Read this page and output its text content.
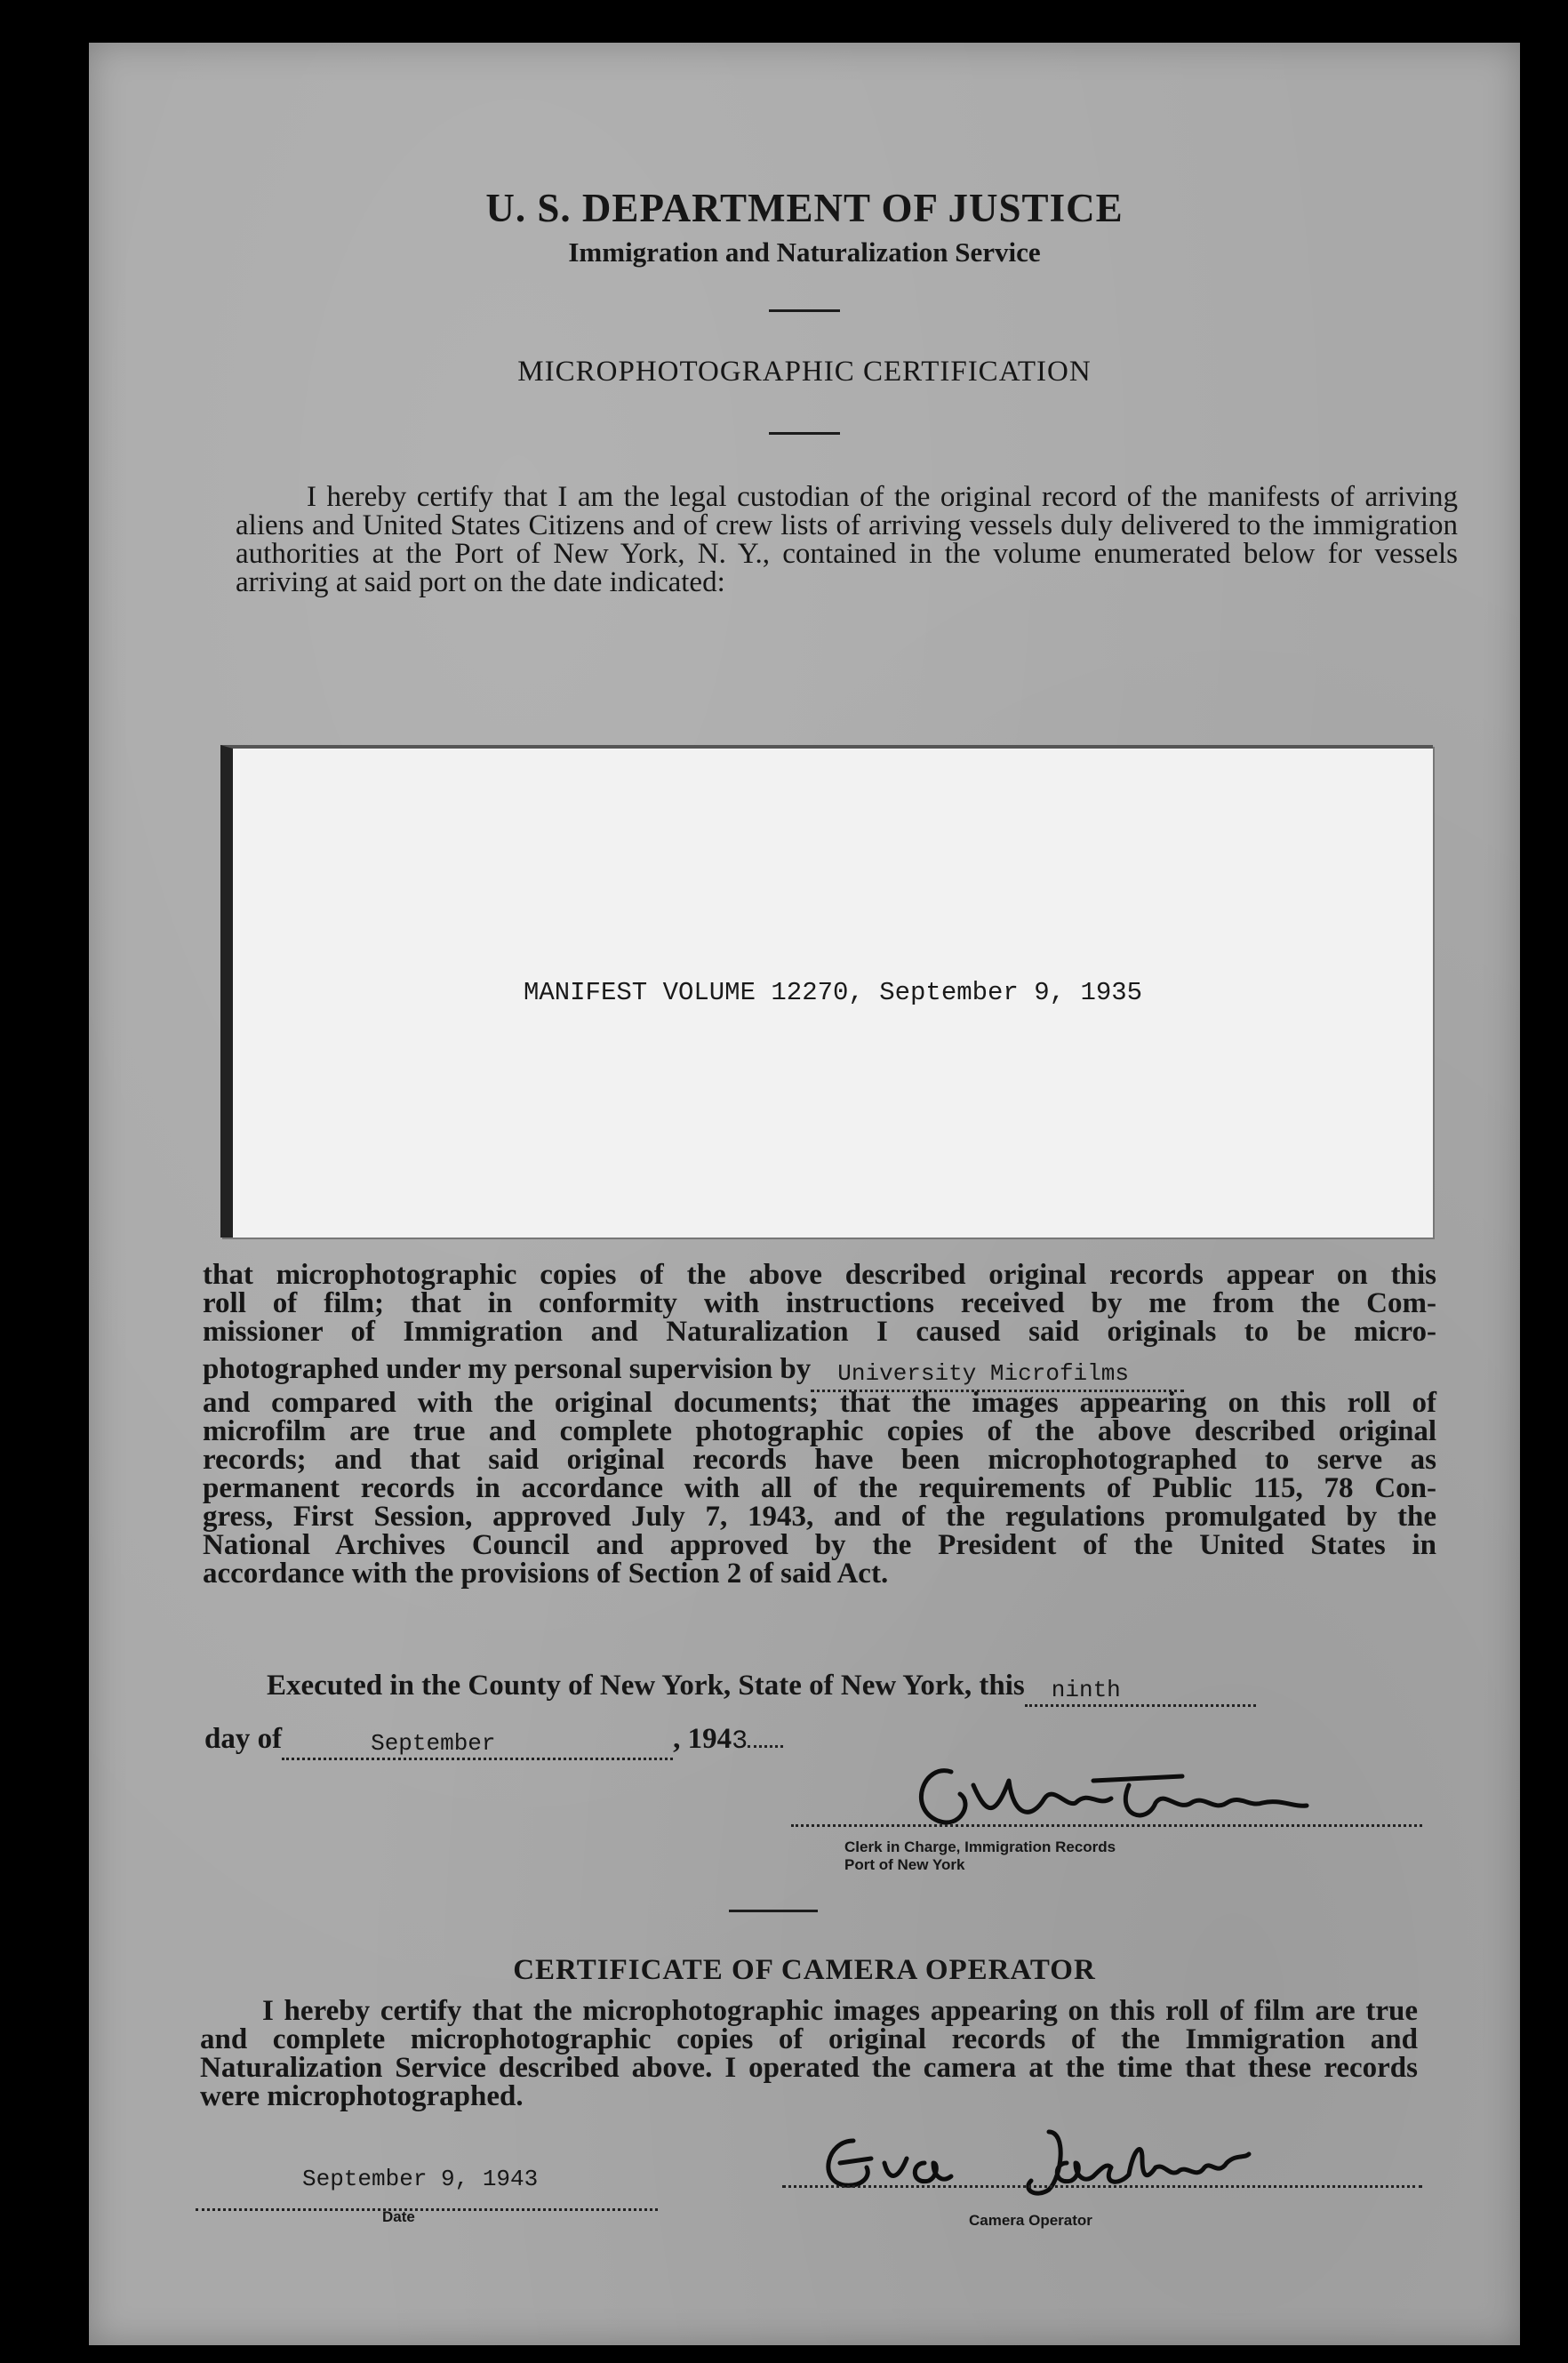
U. S. DEPARTMENT OF JUSTICE
Immigration and Naturalization Service
MICROPHOTOGRAPHIC CERTIFICATION
I hereby certify that I am the legal custodian of the original record of the manifests of arriving aliens and United States Citizens and of crew lists of arriving vessels duly delivered to the immigration authorities at the Port of New York, N. Y., contained in the volume enumerated below for vessels arriving at said port on the date indicated:
MANIFEST VOLUME 12270, September 9, 1935
that microphotographic copies of the above described original records appear on this
roll of film; that in conformity with instructions received by me from the Com-
missioner of Immigration and Naturalization I caused said originals to be micro-
photographed under my personal supervision by University Microfilms
and compared with the original documents; that the images appearing on this roll of
microfilm are true and complete photographic copies of the above described original
records; and that said original records have been microphotographed to serve as
permanent records in accordance with all of the requirements of Public 115, 78 Con-
gress, First Session, approved July 7, 1943, and of the regulations promulgated by the
National Archives Council and approved by the President of the United States in
accordance with the provisions of Section 2 of said Act.
Executed in the County of New York, State of New York, this ninth
day of	September	, 1943
Clerk in Charge, Immigration Records
Port of New York
CERTIFICATE OF CAMERA OPERATOR
I hereby certify that the microphotographic images appearing on this roll of film are true and complete microphotographic copies of original records of the Immigration and Naturalization Service described above. I operated the camera at the time that these records were microphotographed.
September 9, 1943
Date	Camera Operator
